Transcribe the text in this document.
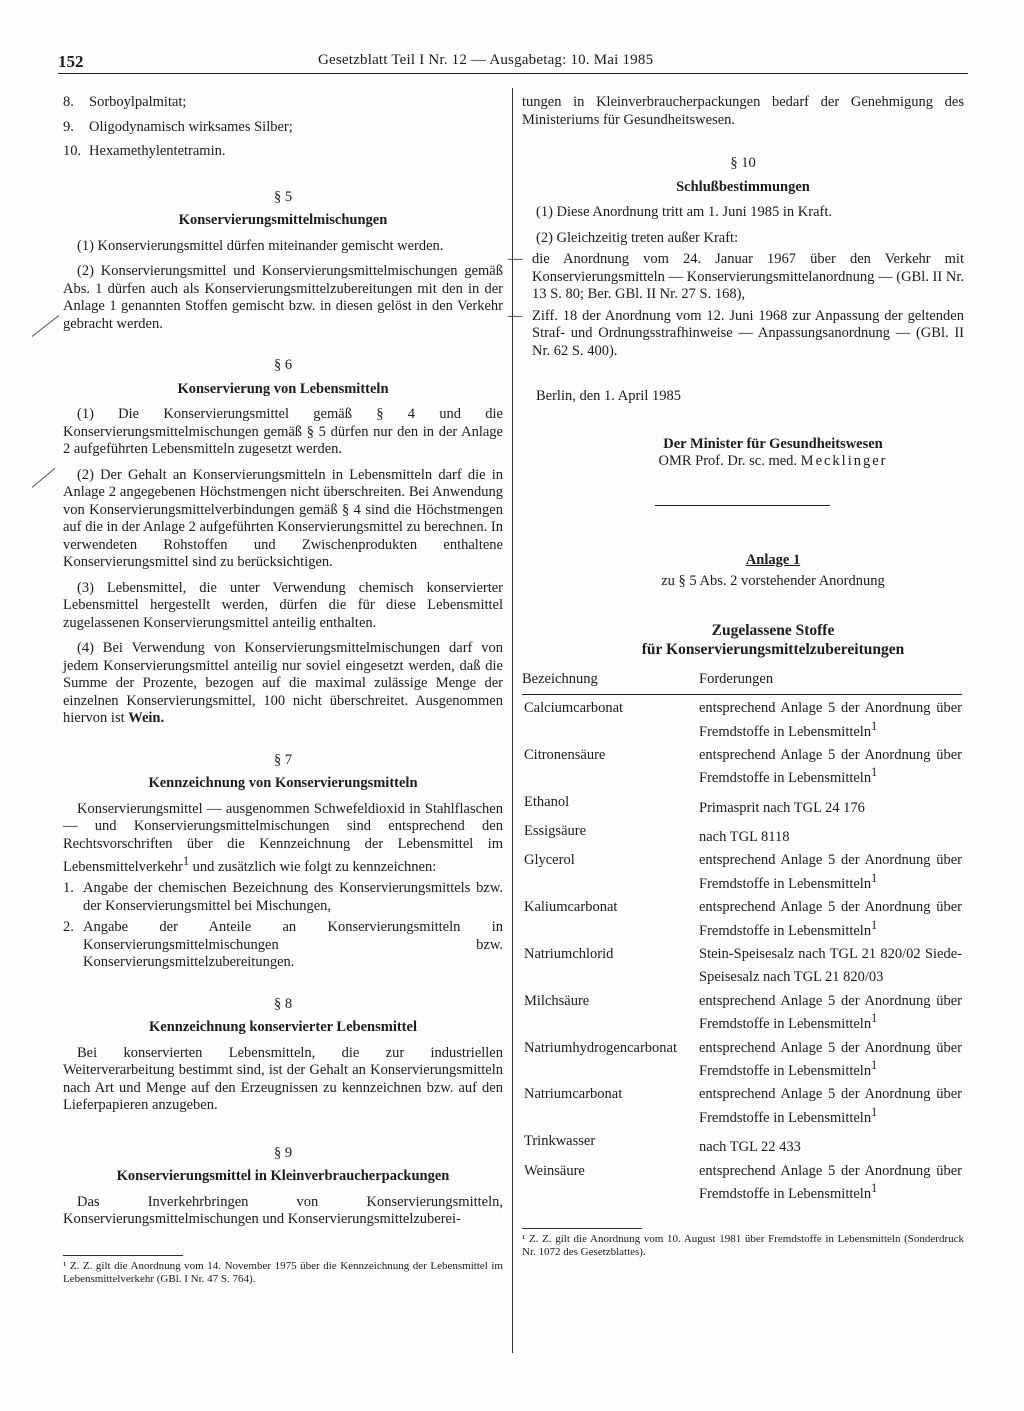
152	Gesetzblatt Teil I Nr. 12 — Ausgabetag: 10. Mai 1985
8.	Sorboylpalmitat;
9.	Oligodynamisch wirksames Silber;
10. Hexamethylentetramin.
§ 5
Konservierungsmittelmischungen

(1) Konservierungsmittel dürfen miteinander gemischt werden.

(2) Konservierungsmittel und Konservierungsmittelmischungen gemäß Abs. 1 dürfen auch als Konservierungsmittelzubereitungen mit den in der Anlage 1 genannten Stoffen gemischt bzw. in diesen gelöst in den Verkehr gebracht werden.

§ 6
Konservierung von Lebensmitteln

(1) Die Konservierungsmittel gemäß § 4 und die Konservierungsmittelmischungen gemäß § 5 dürfen nur den in der Anlage 2 aufgeführten Lebensmitteln zugesetzt werden.

(2) Der Gehalt an Konservierungsmitteln in Lebensmitteln darf die in Anlage 2 angegebenen Höchstmengen nicht überschreiten. Bei Anwendung von Konservierungsmittelverbindungen gemäß § 4 sind die Höchstmengen auf die in der Anlage 2 aufgeführten Konservierungsmittel zu berechnen. In verwendeten Rohstoffen und Zwischenprodukten enthaltene Konservierungsmittel sind zu berücksichtigen.

(3) Lebensmittel, die unter Verwendung chemisch konservierter Lebensmittel hergestellt werden, dürfen die für diese Lebensmittel zugelassenen Konservierungsmittel anteilig enthalten.

(4) Bei Verwendung von Konservierungsmittelmischungen darf von jedem Konservierungsmittel anteilig nur soviel eingesetzt werden, daß die Summe der Prozente, bezogen auf die maximal zulässige Menge der einzelnen Konservierungsmittel, 100 nicht überschreitet. Ausgenommen hiervon ist Wein.

§ 7
Kennzeichnung von Konservierungsmitteln

Konservierungsmittel — ausgenommen Schwefeldioxid in Stahlflaschen — und Konservierungsmittelmischungen sind entsprechend den Rechtsvorschriften über die Kennzeichnung der Lebensmittel im Lebensmittelverkehr$^1$ und zusätzlich wie folgt zu kennzeichnen:

1. Angabe der chemischen Bezeichnung des Konservierungsmittels bzw. der Konservierungsmittel bei Mischungen,
2. Angabe der Anteile an Konservierungsmitteln in Konservierungsmittelmischungen bzw. Konservierungsmittelzubereitungen.
§ 8
Kennzeichnung konservierter Lebensmittel

Bei konservierten Lebensmitteln, die zur industriellen Weiterverarbeitung bestimmt sind, ist der Gehalt an Konservierungsmitteln nach Art und Menge auf den Erzeugnissen zu kennzeichnen bzw. auf den Lieferpapieren anzugeben.

§ 9
Konservierungsmittel in Kleinverbraucherpackungen

Das Inverkehrbringen von Konservierungsmitteln, Konservierungsmittelmischungen und Konservierungsmittelzuberei-

¹ Z. Z. gilt die Anordnung vom 14. November 1975 über die Kennzeichnung der Lebensmittel im Lebensmittelverkehr (GBl. I Nr. 47 S. 764).

tungen in Kleinverbraucherpackungen bedarf der Genehmigung des Ministeriums für Gesundheitswesen.

§ 10
Schlußbestimmungen

(1) Diese Anordnung tritt am 1. Juni 1985 in Kraft.

(2) Gleichzeitig treten außer Kraft:

— die Anordnung vom 24. Januar 1967 über den Verkehr mit Konservierungsmitteln — Konservierungsmittelanordnung — (GBl. II Nr. 13 S. 80; Ber. GBl. II Nr. 27 S. 168),
— Ziff. 18 der Anordnung vom 12. Juni 1968 zur Anpassung der geltenden Straf- und Ordnungsstrafhinweise — Anpassungsanordnung — (GBl. II Nr. 62 S. 400).

Berlin, den 1. April 1985

Der Minister für Gesundheitswesen
OMR Prof. Dr. sc. med. Mecklinger
Anlage 1
zu § 5 Abs. 2 vorstehender Anordnung
Zugelassene Stoffe
für Konservierungsmittelzubereitungen
Bezeichnung	Forderungen
Calciumcarbonat	entsprechend Anlage 5 der Anordnung über Fremdstoffe in Lebensmitteln$^1$
Citronensäure	entsprechend Anlage 5 der Anordnung über Fremdstoffe in Lebensmitteln$^1$
Ethanol	Primasprit nach TGL 24 176
Essigsäure	nach TGL 8118
Glycerol	entsprechend Anlage 5 der Anordnung über Fremdstoffe in Lebensmitteln$^1$
Kaliumcarbonat	entsprechend Anlage 5 der Anordnung über Fremdstoffe in Lebensmitteln$^1$
Natriumchlorid	Stein-Speisesalz nach TGL 21 820/02 Siede-Speisesalz nach TGL 21 820/03
Milchsäure	entsprechend Anlage 5 der Anordnung über Fremdstoffe in Lebensmitteln$^1$
Natriumhydrogencarbonat	entsprechend Anlage 5 der Anordnung über Fremdstoffe in Lebensmitteln$^1$
Natriumcarbonat	entsprechend Anlage 5 der Anordnung über Fremdstoffe in Lebensmitteln$^1$
Trinkwasser	nach TGL 22 433
Weinsäure	entsprechend Anlage 5 der Anordnung über Fremdstoffe in Lebensmitteln$^1$
¹ Z. Z. gilt die Anordnung vom 10. August 1981 über Fremdstoffe in Lebensmitteln (Sonderdruck Nr. 1072 des Gesetzblattes).
